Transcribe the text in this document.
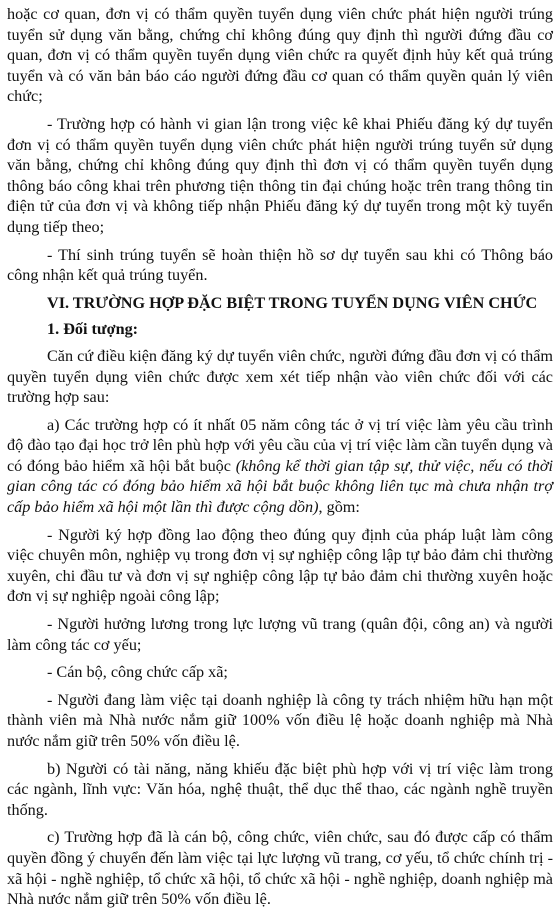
hoặc cơ quan, đơn vị có thẩm quyền tuyển dụng viên chức phát hiện người trúng tuyển sử dụng văn bằng, chứng chỉ không đúng quy định thì người đứng đầu cơ quan, đơn vị có thẩm quyền tuyển dụng viên chức ra quyết định hủy kết quả trúng tuyển và có văn bản báo cáo người đứng đầu cơ quan có thẩm quyền quản lý viên chức;

- Trường hợp có hành vi gian lận trong việc kê khai Phiếu đăng ký dự tuyển đơn vị có thẩm quyền tuyển dụng viên chức phát hiện người trúng tuyển sử dụng văn bằng, chứng chỉ không đúng quy định thì đơn vị có thẩm quyền tuyển dụng thông báo công khai trên phương tiện thông tin đại chúng hoặc trên trang thông tin điện tử của đơn vị và không tiếp nhận Phiếu đăng ký dự tuyển trong một kỳ tuyển dụng tiếp theo;

- Thí sinh trúng tuyển sẽ hoàn thiện hồ sơ dự tuyển sau khi có Thông báo công nhận kết quả trúng tuyển.

VI. TRƯỜNG HỢP ĐẶC BIỆT TRONG TUYỂN DỤNG VIÊN CHỨC
1. Đối tượng:

Căn cứ điều kiện đăng ký dự tuyển viên chức, người đứng đầu đơn vị có thẩm quyền tuyển dụng viên chức được xem xét tiếp nhận vào viên chức đối với các trường hợp sau:

a) Các trường hợp có ít nhất 05 năm công tác ở vị trí việc làm yêu cầu trình độ đào tạo đại học trở lên phù hợp với yêu cầu của vị trí việc làm cần tuyển dụng và có đóng bảo hiểm xã hội bắt buộc (không kể thời gian tập sự, thử việc, nếu có thời gian công tác có đóng bảo hiểm xã hội bắt buộc không liên tục mà chưa nhận trợ cấp bảo hiểm xã hội một lần thì được cộng dồn), gồm:

- Người ký hợp đồng lao động theo đúng quy định của pháp luật làm công việc chuyên môn, nghiệp vụ trong đơn vị sự nghiệp công lập tự bảo đảm chi thường xuyên, chi đầu tư và đơn vị sự nghiệp công lập tự bảo đảm chi thường xuyên hoặc đơn vị sự nghiệp ngoài công lập;

- Người hưởng lương trong lực lượng vũ trang (quân đội, công an) và người làm công tác cơ yếu;

- Cán bộ, công chức cấp xã;

- Người đang làm việc tại doanh nghiệp là công ty trách nhiệm hữu hạn một thành viên mà Nhà nước nắm giữ 100% vốn điều lệ hoặc doanh nghiệp mà Nhà nước nắm giữ trên 50% vốn điều lệ.

b) Người có tài năng, năng khiếu đặc biệt phù hợp với vị trí việc làm trong các ngành, lĩnh vực: Văn hóa, nghệ thuật, thể dục thể thao, các ngành nghề truyền thống.

c) Trường hợp đã là cán bộ, công chức, viên chức, sau đó được cấp có thẩm quyền đồng ý chuyển đến làm việc tại lực lượng vũ trang, cơ yếu, tổ chức chính trị - xã hội - nghề nghiệp, tổ chức xã hội, tổ chức xã hội - nghề nghiệp, doanh nghiệp mà Nhà nước nắm giữ trên 50% vốn điều lệ.
